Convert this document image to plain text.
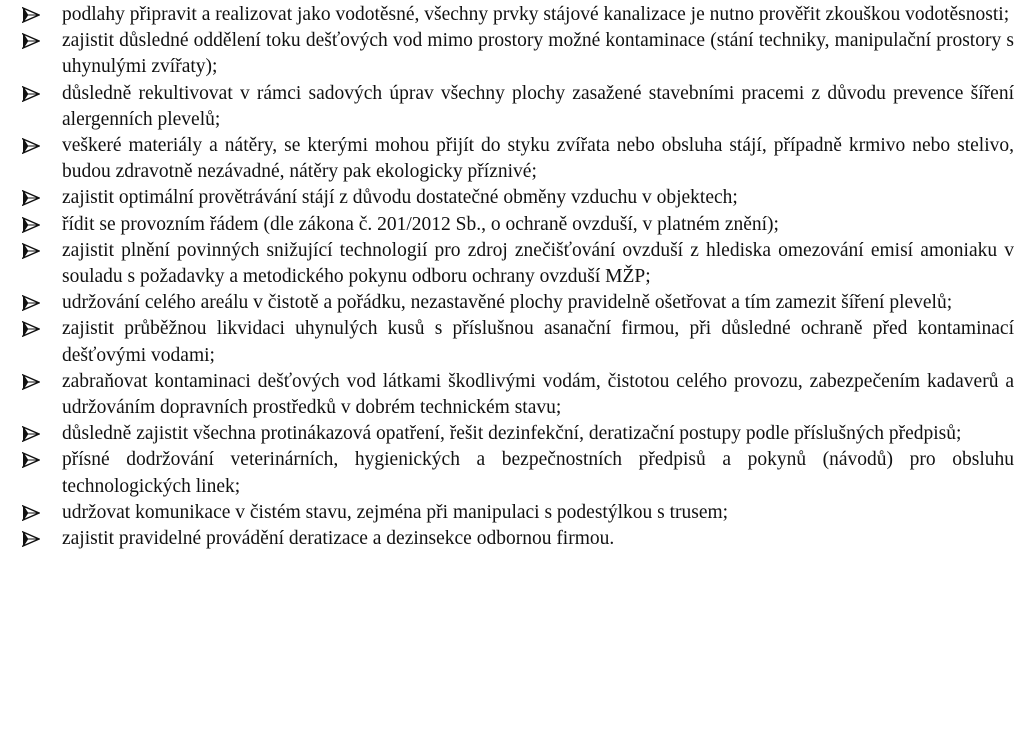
podlahy připravit a realizovat jako vodotěsné, všechny prvky stájové kanalizace je nutno prověřit zkouškou vodotěsnosti;
zajistit důsledné oddělení toku dešťových vod mimo prostory možné kontaminace (stání techniky, manipulační prostory s uhynulými zvířaty);
důsledně rekultivovat v rámci sadových úprav všechny plochy zasažené stavebními pracemi z důvodu prevence šíření alergenních plevelů;
veškeré materiály a nátěry, se kterými mohou přijít do styku zvířata nebo obsluha stájí, případně krmivo nebo stelivo, budou zdravotně nezávadné, nátěry pak ekologicky příznivé;
zajistit optimální provětrávání stájí z důvodu dostatečné obměny vzduchu v objektech;
řídit se provozním řádem (dle zákona č. 201/2012 Sb., o ochraně ovzduší, v platném znění);
zajistit plnění povinných snižující technologií pro zdroj znečišťování ovzduší z hlediska omezování emisí amoniaku v souladu s požadavky a metodického pokynu odboru ochrany ovzduší MŽP;
udržování celého areálu v čistotě a pořádku, nezastavěné plochy pravidelně ošetřovat a tím zamezit šíření plevelů;
zajistit průběžnou likvidaci uhynulých kusů s příslušnou asanační firmou, při důsledné ochraně před kontaminací dešťovými vodami;
zabraňovat kontaminaci dešťových vod látkami škodlivými vodám, čistotou celého provozu, zabezpečením kadaverů a udržováním dopravních prostředků v dobrém technickém stavu;
důsledně zajistit všechna protinákazová opatření, řešit dezinfekční, deratizační postupy podle příslušných předpisů;
přísné dodržování veterinárních, hygienických a bezpečnostních předpisů a pokynů (návodů) pro obsluhu technologických linek;
udržovat komunikace v čistém stavu, zejména při manipulaci s podestýlkou s trusem;
zajistit pravidelné provádění deratizace a dezinsekce odbornou firmou.
